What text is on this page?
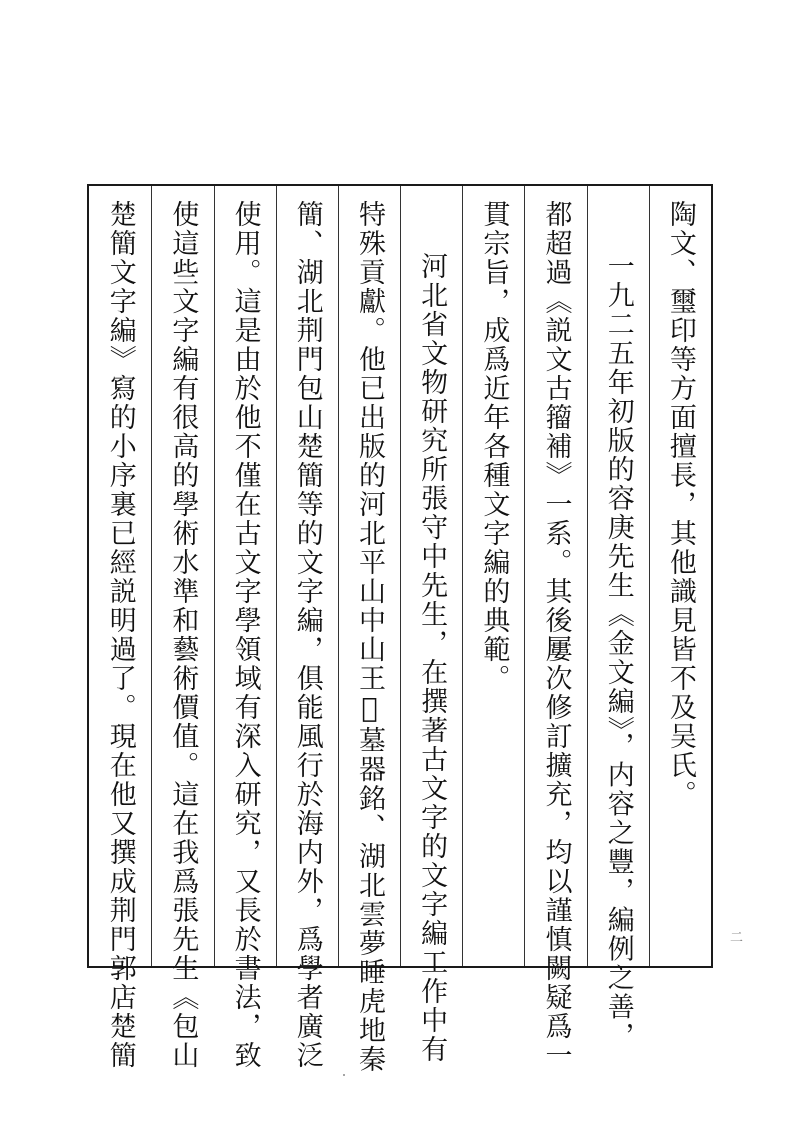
陶文、璽印等方面擅長，其他識見皆不及吴氏。
一九二五年初版的容庚先生《金文編》，内容之豐，編例之善，
都超過《説文古籀補》一系。其後屢次修訂擴充，均以謹慎闕疑爲一
貫宗旨，成爲近年各種文字編的典範。
河北省文物研究所張守中先生，在撰著古文字的文字編工作中有
特殊貢獻。他已出版的河北平山中山王𠫑墓器銘、湖北雲夢睡虎地秦
簡、湖北荆門包山楚簡等的文字編，俱能風行於海内外，爲學者廣泛
使用。這是由於他不僅在古文字學領域有深入研究，又長於書法，致
使這些文字編有很高的學術水準和藝術價值。這在我爲張先生《包山
楚簡文字編》寫的小序裏已經説明過了。現在他又撰成荆門郭店楚簡	二
